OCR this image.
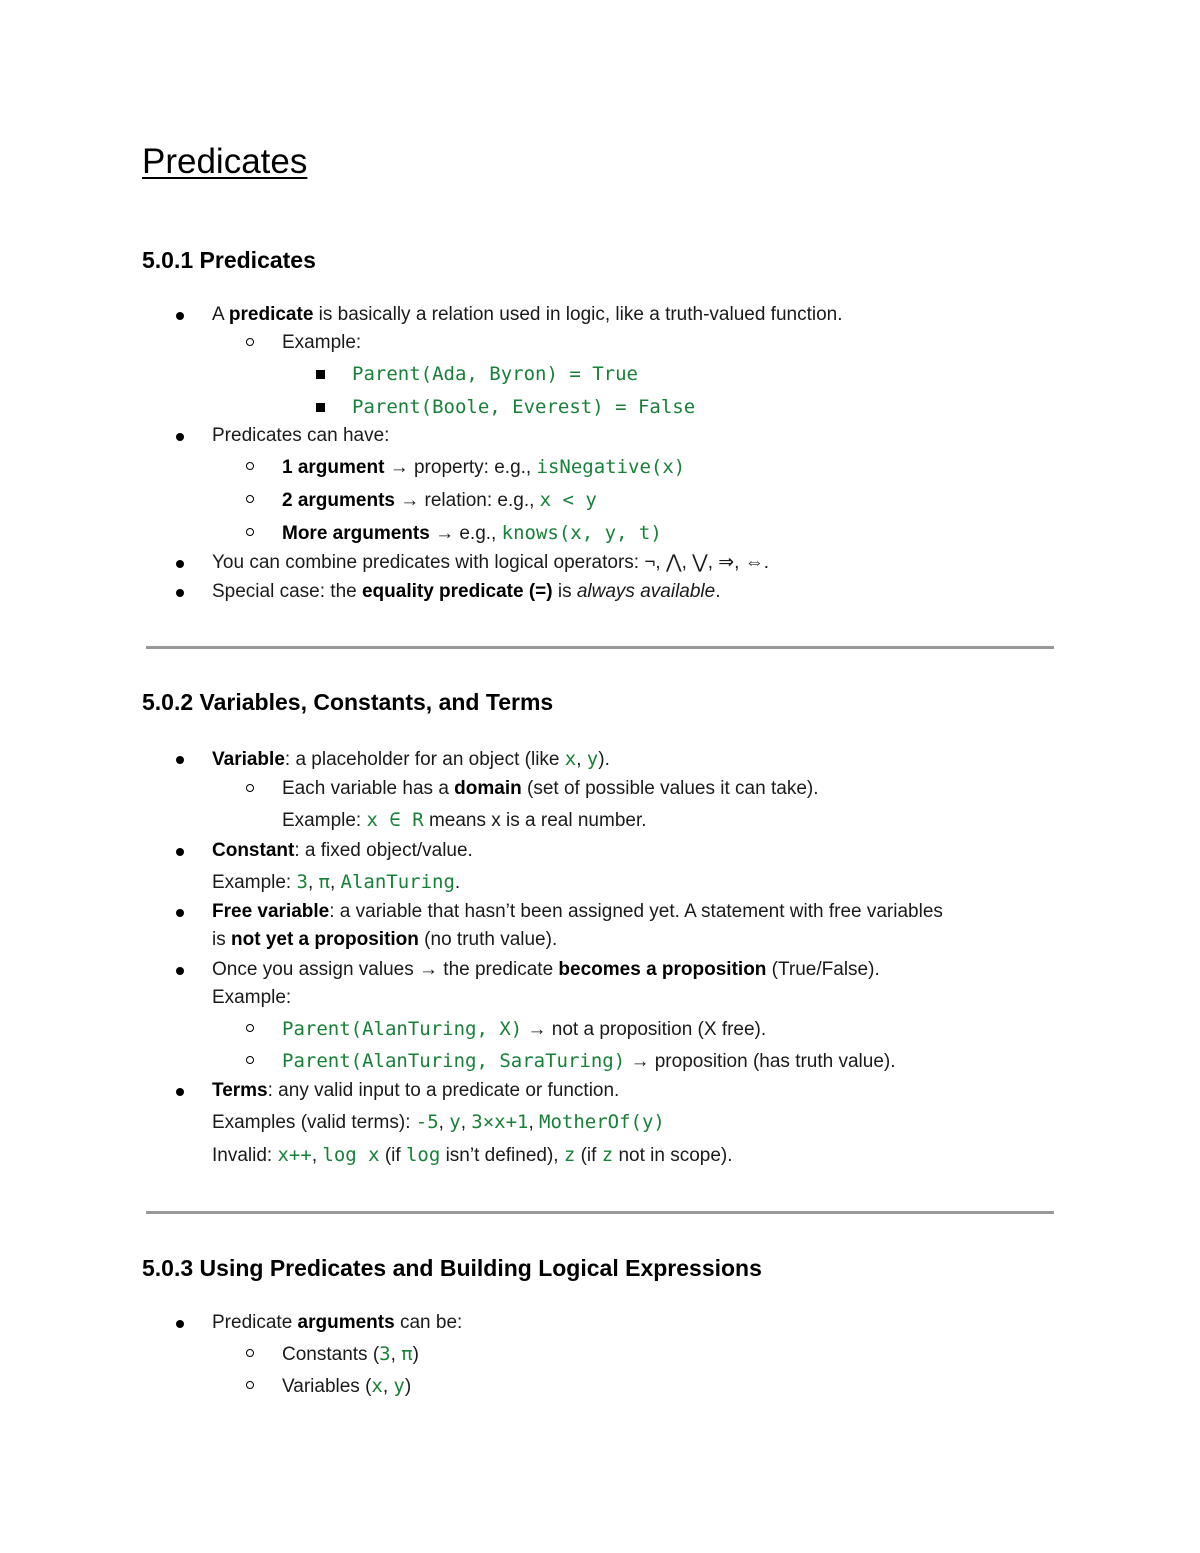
Predicates
5.0.1 Predicates
A predicate is basically a relation used in logic, like a truth-valued function.
Example:
Parent(Ada, Byron) = True
Parent(Boole, Everest) = False
Predicates can have:
1 argument → property: e.g., isNegative(x)
2 arguments → relation: e.g., x < y
More arguments → e.g., knows(x, y, t)
You can combine predicates with logical operators: ¬, ⋀, ⋁, ⇒, ⇔.
Special case: the equality predicate (=) is always available.
5.0.2 Variables, Constants, and Terms
Variable: a placeholder for an object (like x, y).
Each variable has a domain (set of possible values it can take).
Example: x ∈ R means x is a real number.
Constant: a fixed object/value.
Example: 3, π, AlanTuring.
Free variable: a variable that hasn’t been assigned yet. A statement with free variables
is not yet a proposition (no truth value).
Once you assign values → the predicate becomes a proposition (True/False).
Example:
Parent(AlanTuring, X) → not a proposition (X free).
Parent(AlanTuring, SaraTuring) → proposition (has truth value).
Terms: any valid input to a predicate or function.
Examples (valid terms): -5, y, 3×x+1, MotherOf(y)
Invalid: x++, log x (if log isn’t defined), z (if z not in scope).
5.0.3 Using Predicates and Building Logical Expressions
Predicate arguments can be:
Constants (3, π)
Variables (x, y)
